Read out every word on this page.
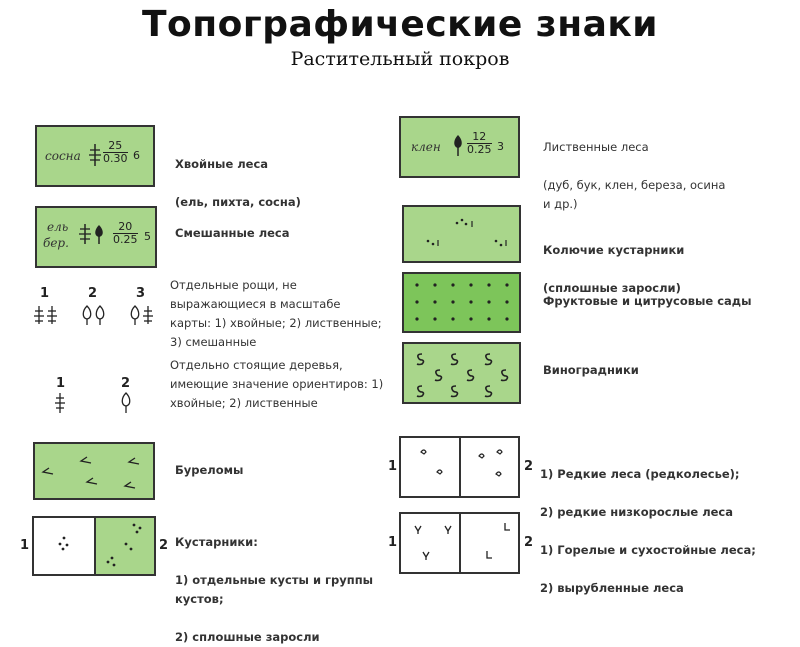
Топографические знаки
Растительный покров
сосна $\frac{25}{0.30} 6$

Хвойные леса

(ель, пихта, сосна)

ель
бер.	$\frac{20}{0.25} 5$ Смешанные леса
1	2	3
Отдельные рощи, не выражающиеся в масштабе карты: 1) хвойные; 2) лиственные; 3) смешанные
1	2
Отдельно стоящие деревья, имеющие значение ориентиров: 1) хвойные; 2) лиственные
Буреломы
1	2 Кустарники:

1) отдельные кусты и группы кустов;

2) сплошные заросли

клен $\frac{12}{0.25} 3$	Лиственные леса

(дуб, бук, клен, береза, осина и др.)

Колючие кустарники

(сплошные заросли)

Фруктовые и цитрусовые сады
Виноградники
1	2 1) Редкие леса (редколесье);

2) редкие низкорослые леса

1	2 1) Горелые и сухостойные леса;

2) вырубленные леса
